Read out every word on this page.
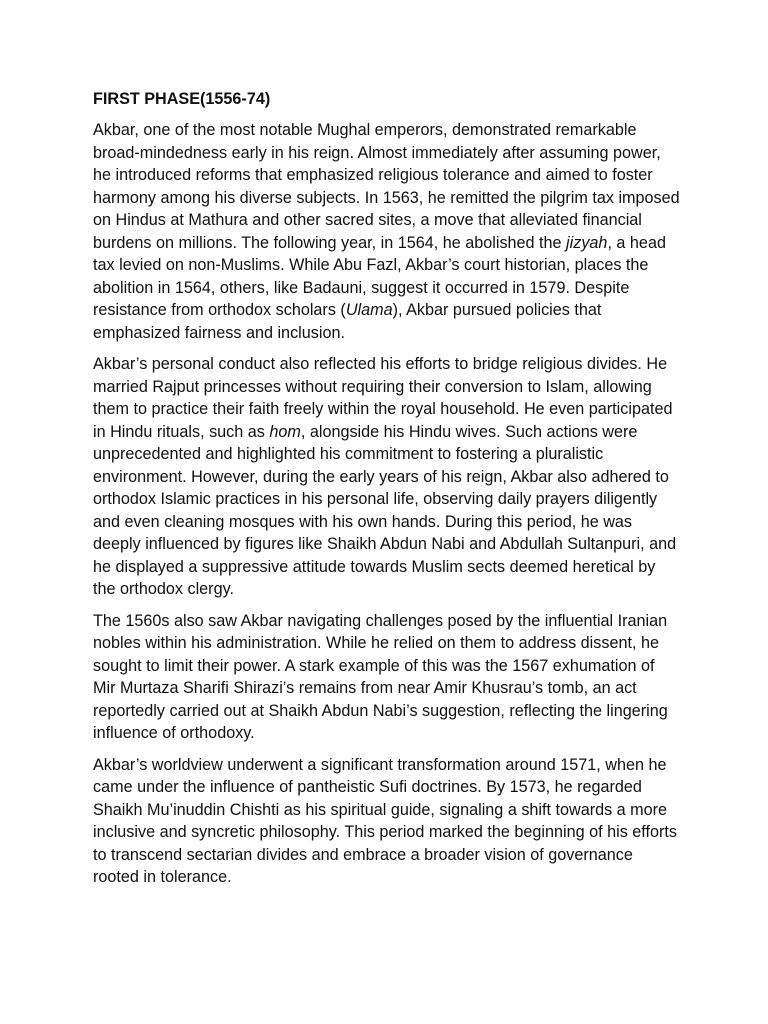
FIRST PHASE(1556-74)

Akbar, one of the most notable Mughal emperors, demonstrated remarkable broad-mindedness early in his reign. Almost immediately after assuming power, he introduced reforms that emphasized religious tolerance and aimed to foster harmony among his diverse subjects. In 1563, he remitted the pilgrim tax imposed on Hindus at Mathura and other sacred sites, a move that alleviated financial burdens on millions. The following year, in 1564, he abolished the jizyah, a head tax levied on non-Muslims. While Abu Fazl, Akbar’s court historian, places the abolition in 1564, others, like Badauni, suggest it occurred in 1579. Despite resistance from orthodox scholars (Ulama), Akbar pursued policies that emphasized fairness and inclusion.

Akbar’s personal conduct also reflected his efforts to bridge religious divides. He married Rajput princesses without requiring their conversion to Islam, allowing them to practice their faith freely within the royal household. He even participated in Hindu rituals, such as hom, alongside his Hindu wives. Such actions were unprecedented and highlighted his commitment to fostering a pluralistic environment. However, during the early years of his reign, Akbar also adhered to orthodox Islamic practices in his personal life, observing daily prayers diligently and even cleaning mosques with his own hands. During this period, he was deeply influenced by figures like Shaikh Abdun Nabi and Abdullah Sultanpuri, and he displayed a suppressive attitude towards Muslim sects deemed heretical by the orthodox clergy.

The 1560s also saw Akbar navigating challenges posed by the influential Iranian nobles within his administration. While he relied on them to address dissent, he sought to limit their power. A stark example of this was the 1567 exhumation of Mir Murtaza Sharifi Shirazi’s remains from near Amir Khusrau’s tomb, an act reportedly carried out at Shaikh Abdun Nabi’s suggestion, reflecting the lingering influence of orthodoxy.

Akbar’s worldview underwent a significant transformation around 1571, when he came under the influence of pantheistic Sufi doctrines. By 1573, he regarded Shaikh Mu’inuddin Chishti as his spiritual guide, signaling a shift towards a more inclusive and syncretic philosophy. This period marked the beginning of his efforts to transcend sectarian divides and embrace a broader vision of governance rooted in tolerance.
